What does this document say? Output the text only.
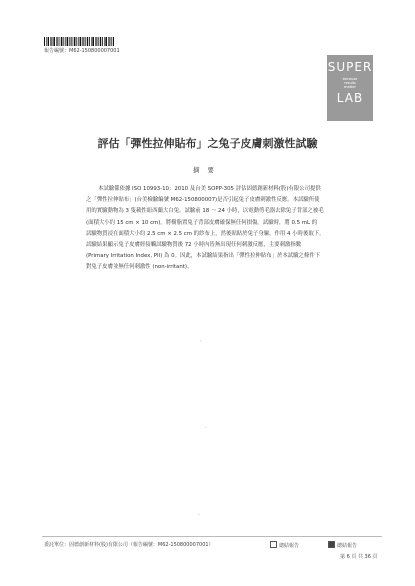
報告編號：M62-150800007001
SUPER
because
results
matter
LAB
評估「彈性拉伸貼布」之兔子皮膚刺激性試驗
摘要

本試驗係依據 ISO 10993-10：2010 及台美 SOPP-305 評估固德創新材料(股)有限公司提供

之「彈性拉伸貼布」(台美檢驗編號 M62-150800007)是否引起兔子皮膚刺激性反應。本試驗所使

用的實驗動物為 3 隻載性紐西蘭大白兔。試驗前 18 ～ 24 小時，以電動剪毛器去除兔子背部之被毛

(面積大小約 15 cm × 10 cm)。將樹脂置兔子背部皮膚確保無任何損傷。試驗時，將 0.5 mL 的

試驗物質浸在面積大小約 2.5 cm × 2.5 cm 的紗布上，然後貼貼於兔子身軀，作用 4 小時後取下。

試驗結果顯示兔子皮膚經接觸試驗物質後 72 小時內皆無出現任何刺激反應，主要刺激指數

(Primary Irritation Index, PII) 為 0。因此，本試驗結果指出「彈性拉伸貼布」於本試驗之條件下

對兔子皮膚並無任何刺激性 (non-irritant)。

-
-
-
委託單位：固德創新材料(股)有限公司（報告編號：M62-150800007001）	總結報告	總結報告
第 6 頁 共 36 頁
